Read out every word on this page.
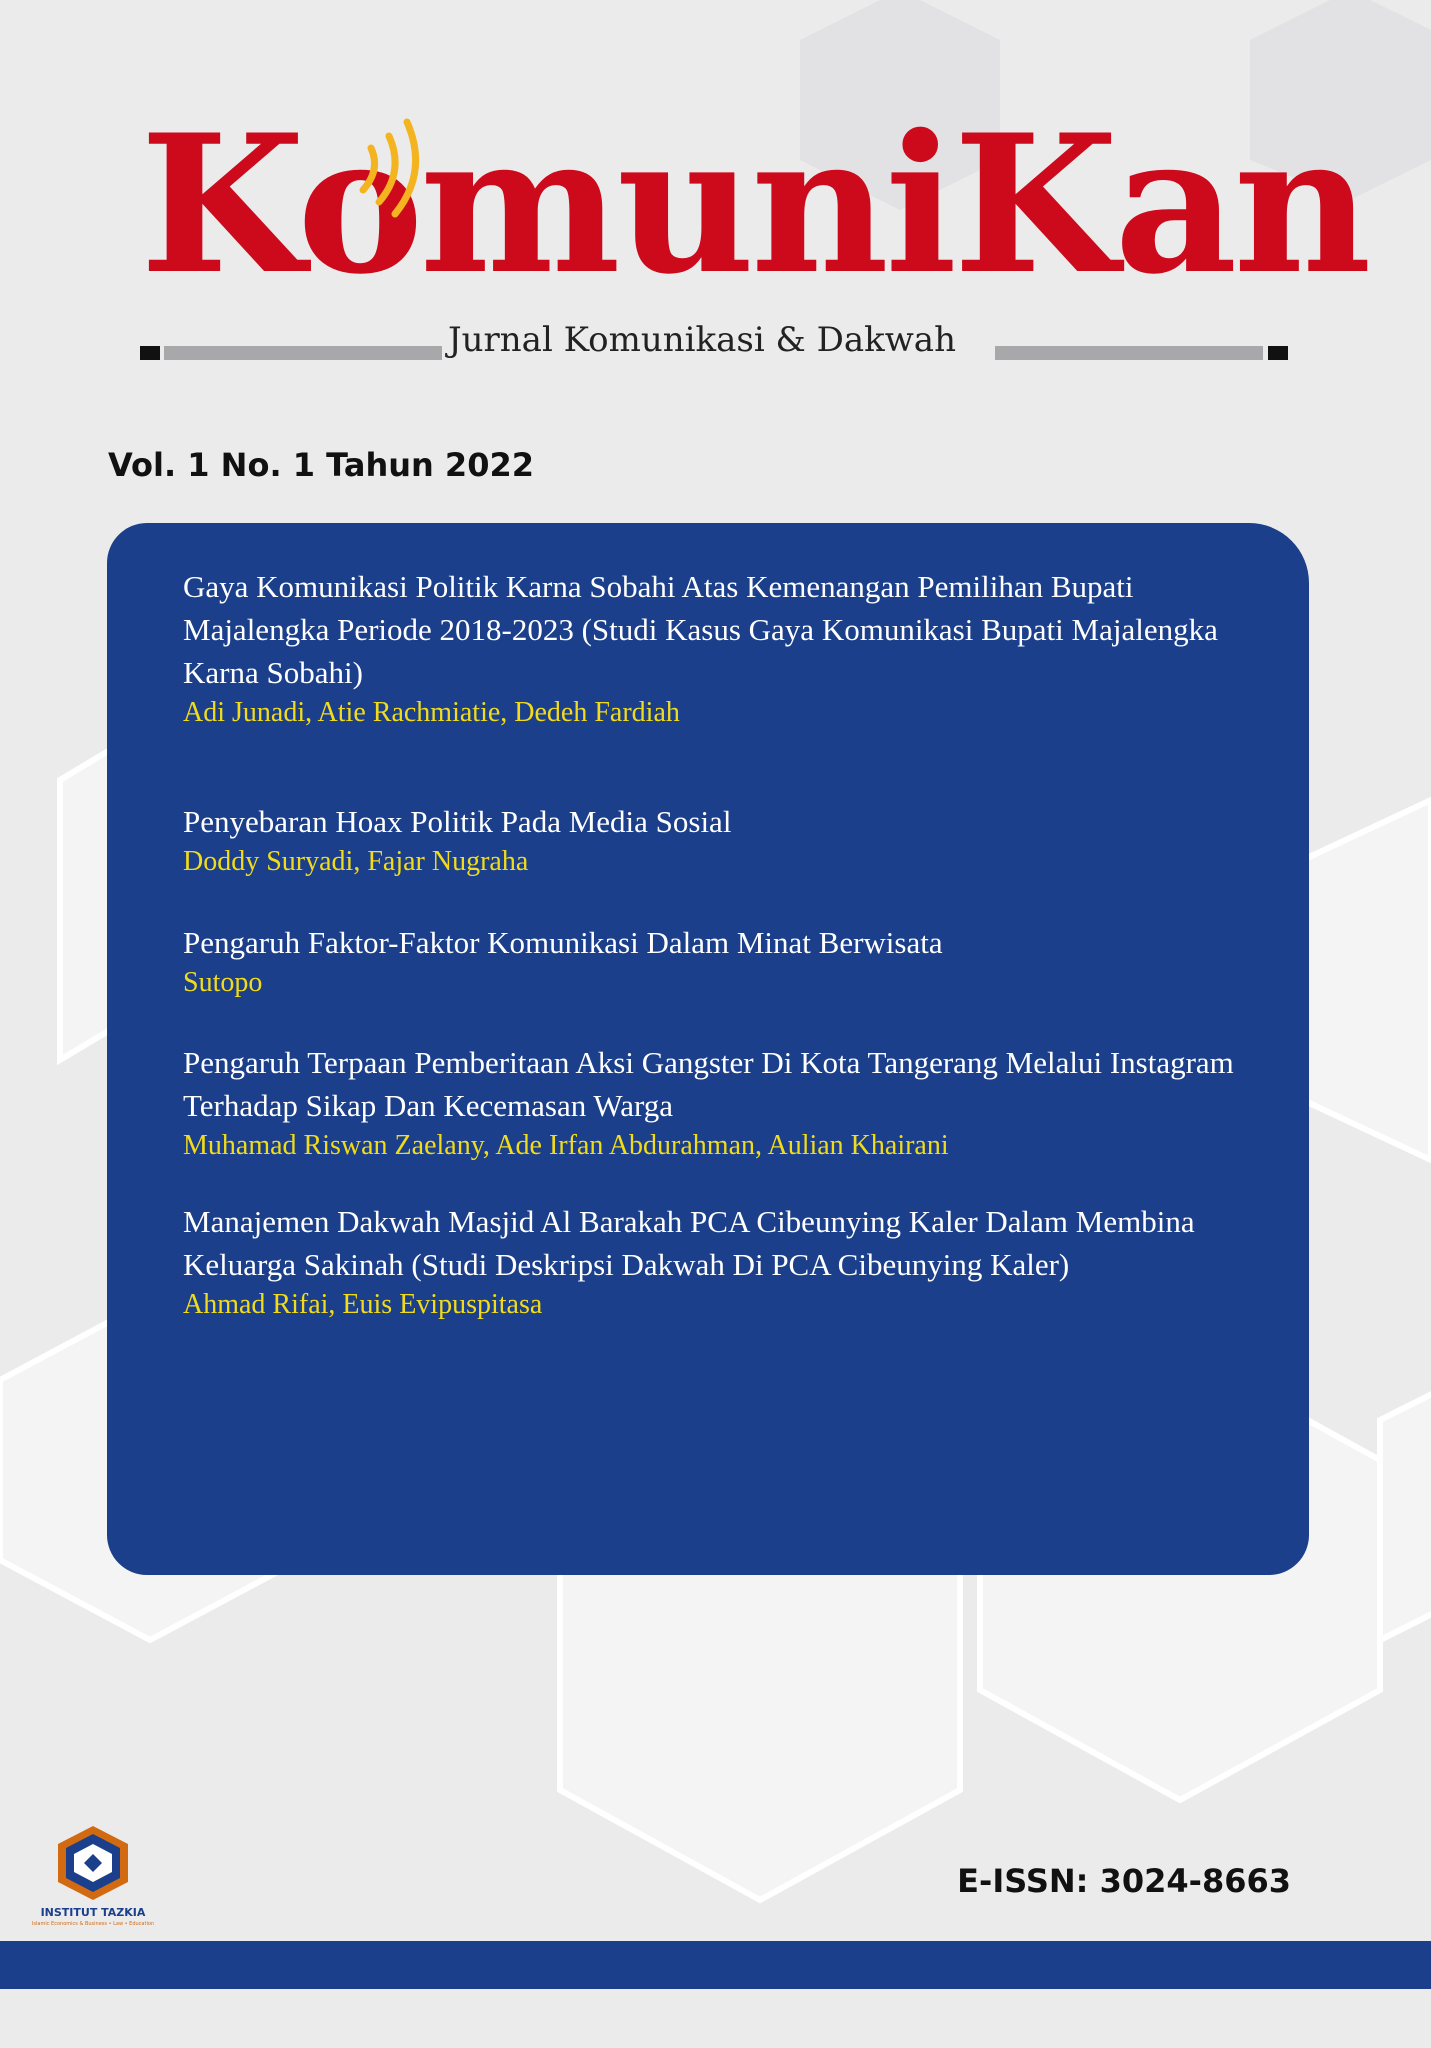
KomuniKan
Jurnal Komunikasi & Dakwah
Vol. 1 No. 1 Tahun 2022
Gaya Komunikasi Politik Karna Sobahi Atas Kemenangan Pemilihan Bupati Majalengka Periode 2018-2023 (Studi Kasus Gaya Komunikasi Bupati Majalengka Karna Sobahi)
Adi Junadi, Atie Rachmiatie, Dedeh Fardiah
Penyebaran Hoax Politik Pada Media Sosial
Doddy Suryadi, Fajar Nugraha
Pengaruh Faktor-Faktor Komunikasi Dalam Minat Berwisata
Sutopo
Pengaruh Terpaan Pemberitaan Aksi Gangster Di Kota Tangerang Melalui Instagram Terhadap Sikap Dan Kecemasan Warga
Muhamad Riswan Zaelany, Ade Irfan Abdurahman, Aulian Khairani
Manajemen Dakwah Masjid Al Barakah PCA Cibeunying Kaler Dalam Membina Keluarga Sakinah (Studi Deskripsi Dakwah Di PCA Cibeunying Kaler)
Ahmad Rifai, Euis Evipuspitasa
INSTITUT TAZKIA
Islamic Economics & Business • Law • Education
E-ISSN: 3024-8663
